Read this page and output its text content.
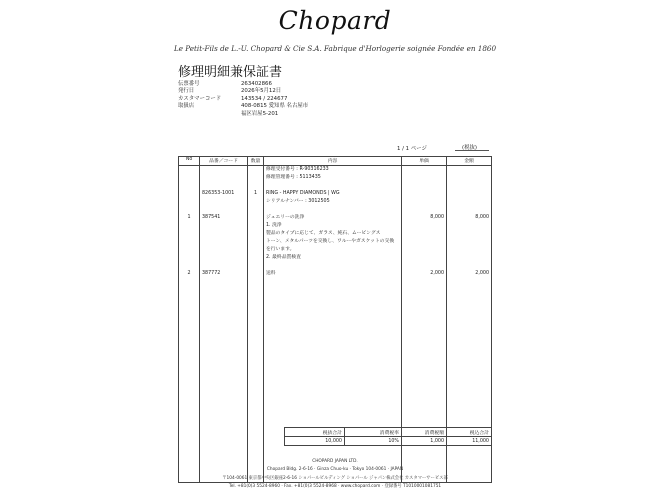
Chopard
Le Petit-Fils de L.-U. Chopard & Cie S.A. Fabrique d'Horlogerie soignée Fondée en 1860
修理明細兼保証書
伝票番号	263402866
発行日	2026年5月12日
カスタマーコード	143534 / 224677
取扱店	408-0815 愛知県 名古屋市
福区岩屋5-201
1 / 1 ページ	(税抜)
No	品番／コード	数量	内容	単価	金額
			修理受付番号 : R-90316233		
			修理管理番号 : 5113435		

	826353-1001	1	RING - HAPPY DIAMONDS | WG		
			シリアルナンバー : 3012505		

1	387541		ジュエリーの洗浄	8,000	8,000
			1. 洗浄		
			製品のタイプに応じて、ガラス、純石、ムービングス		
			トーン、メタルパーツを交換し、ワルーやガスケットの交換		
			を行います。		
			2. 最終品質検査		

2	387772		送料	2,000	2,000

税抜合計	消費税率	消費税額	税込合計
10,000	10%	1,000	11,000
CHOPARD JAPAN LTD.
Chopard Bldg. 2-6-16 · Ginza Chuo-ku · Tokyo 104-0061 · JAPAN
〒104-0061 東京都中央区銀座2-6-16 ショパールビルディング ショパール ジャパン株式会社 カスタマーサービス部
Tel. +81(0)3 5524-8960 · Fax. +81(0)3 5524-8968 · www.chopard.com · 登録番号 T1010001081751
